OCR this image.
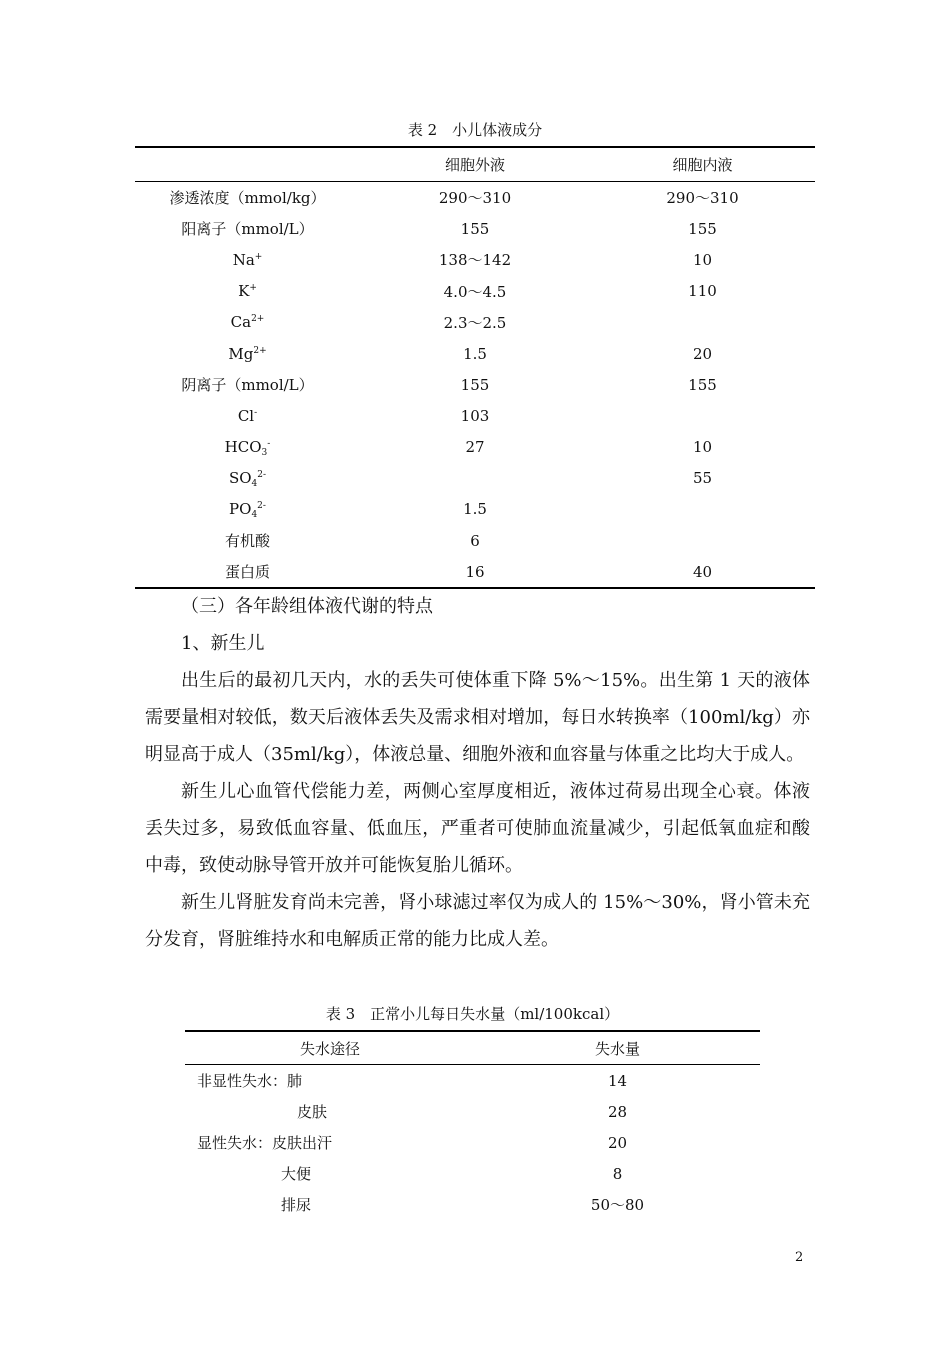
表 2　小儿体液成分
	细胞外液	细胞内液
渗透浓度（mmol/kg）	290～310	290～310
阳离子（mmol/L）	155	155
Na+	138～142	10
K+	4.0～4.5	110
$Ca^{2+}$	2.3～2.5	
$Mg^{2+}$	1.5	20
阴离子（mmol/L）	155	155
Cl-	103	
$HCO_3^-$	27	10
$SO_4^{2-}$		55
$PO_4^{2-}$	1.5	
有机酸	6	
蛋白质	16	40
（三）各年龄组体液代谢的特点
1、新生儿

出生后的最初几天内，水的丢失可使体重下降 5%～15%。出生第 1 天的液体需要量相对较低，数天后液体丢失及需求相对增加，每日水转换率（100ml/kg）亦明显高于成人（35ml/kg），体液总量、细胞外液和血容量与体重之比均大于成人。

新生儿心血管代偿能力差，两侧心室厚度相近，液体过荷易出现全心衰。体液丢失过多，易致低血容量、低血压，严重者可使肺血流量减少，引起低氧血症和酸中毒，致使动脉导管开放并可能恢复胎儿循环。

新生儿肾脏发育尚未完善，肾小球滤过率仅为成人的 15%～30%，肾小管未充分发育，肾脏维持水和电解质正常的能力比成人差。

表 3　正常小儿每日失水量（ml/100kcal）
失水途径	失水量
非显性失水：肺	14
皮肤	28
显性失水：皮肤出汗	20
大便	8
排尿	50～80
2
